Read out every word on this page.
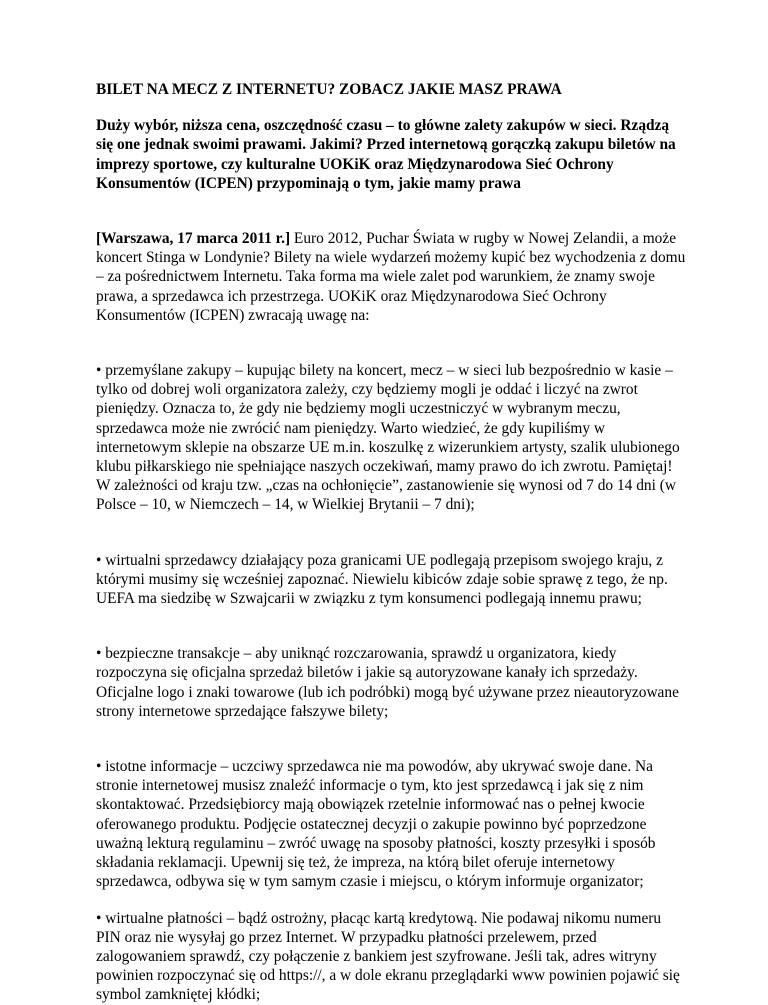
BILET NA MECZ Z INTERNETU? ZOBACZ JAKIE MASZ PRAWA

Duży wybór, niższa cena, oszczędność czasu – to główne zalety zakupów w sieci. Rządzą się one jednak swoimi prawami. Jakimi? Przed internetową gorączką zakupu biletów na imprezy sportowe, czy kulturalne UOKiK oraz Międzynarodowa Sieć Ochrony Konsumentów (ICPEN) przypominają o tym, jakie mamy prawa

[Warszawa, 17 marca 2011 r.] Euro 2012, Puchar Świata w rugby w Nowej Zelandii, a może koncert Stinga w Londynie? Bilety na wiele wydarzeń możemy kupić bez wychodzenia z domu – za pośrednictwem Internetu. Taka forma ma wiele zalet pod warunkiem, że znamy swoje prawa, a sprzedawca ich przestrzega. UOKiK oraz Międzynarodowa Sieć Ochrony Konsumentów (ICPEN) zwracają uwagę na:

• przemyślane zakupy – kupując bilety na koncert, mecz – w sieci lub bezpośrednio w kasie – tylko od dobrej woli organizatora zależy, czy będziemy mogli je oddać i liczyć na zwrot pieniędzy. Oznacza to, że gdy nie będziemy mogli uczestniczyć w wybranym meczu, sprzedawca może nie zwrócić nam pieniędzy. Warto wiedzieć, że gdy kupiliśmy w internetowym sklepie na obszarze UE m.in. koszulkę z wizerunkiem artysty, szalik ulubionego klubu piłkarskiego nie spełniające naszych oczekiwań, mamy prawo do ich zwrotu. Pamiętaj! W zależności od kraju tzw. „czas na ochłonięcie”, zastanowienie się wynosi od 7 do 14 dni (w Polsce – 10, w Niemczech – 14, w Wielkiej Brytanii – 7 dni);

• wirtualni sprzedawcy działający poza granicami UE podlegają przepisom swojego kraju, z którymi musimy się wcześniej zapoznać. Niewielu kibiców zdaje sobie sprawę z tego, że np. UEFA ma siedzibę w Szwajcarii w związku z tym konsumenci podlegają innemu prawu;

• bezpieczne transakcje – aby uniknąć rozczarowania, sprawdź u organizatora, kiedy rozpoczyna się oficjalna sprzedaż biletów i jakie są autoryzowane kanały ich sprzedaży. Oficjalne logo i znaki towarowe (lub ich podróbki) mogą być używane przez nieautoryzowane strony internetowe sprzedające fałszywe bilety;

• istotne informacje – uczciwy sprzedawca nie ma powodów, aby ukrywać swoje dane. Na stronie internetowej musisz znaleźć informacje o tym, kto jest sprzedawcą i jak się z nim skontaktować. Przedsiębiorcy mają obowiązek rzetelnie informować nas o pełnej kwocie oferowanego produktu. Podjęcie ostatecznej decyzji o zakupie powinno być poprzedzone uważną lekturą regulaminu – zwróć uwagę na sposoby płatności, koszty przesyłki i sposób składania reklamacji. Upewnij się też, że impreza, na którą bilet oferuje internetowy sprzedawca, odbywa się w tym samym czasie i miejscu, o którym informuje organizator;

• wirtualne płatności – bądź ostrożny, płacąc kartą kredytową. Nie podawaj nikomu numeru PIN oraz nie wysyłaj go przez Internet. W przypadku płatności przelewem, przed zalogowaniem sprawdź, czy połączenie z bankiem jest szyfrowane. Jeśli tak, adres witryny powinien rozpoczynać się od https://, a w dole ekranu przeglądarki www powinien pojawić się symbol zamkniętej kłódki;
